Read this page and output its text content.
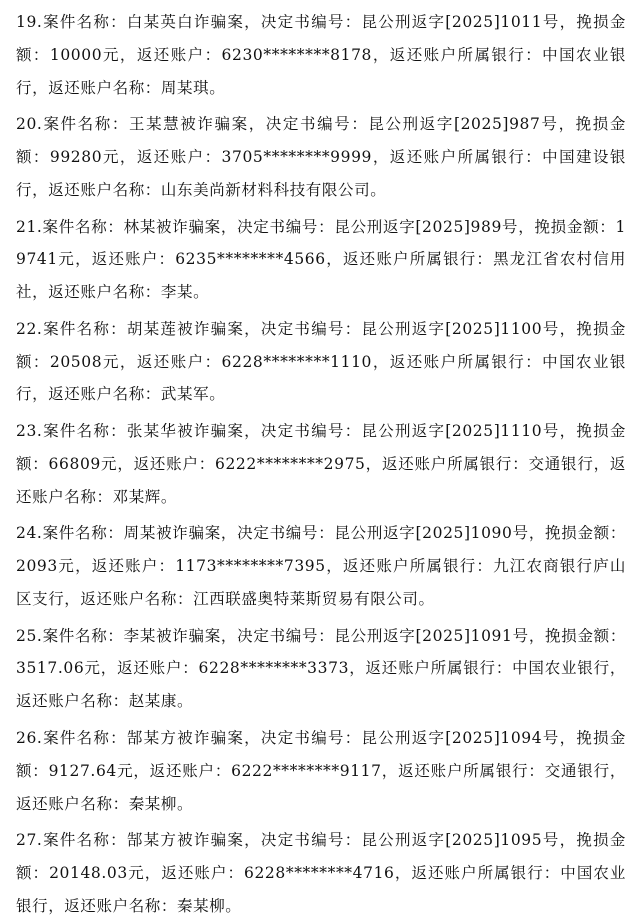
19.案件名称：白某英白诈骗案，决定书编号：昆公刑返字[2025]1011号，挽损金额：10000元，返还账户：6230********8178，返还账户所属银行：中国农业银行，返还账户名称：周某琪。

20.案件名称：王某慧被诈骗案，决定书编号：昆公刑返字[2025]987号，挽损金额：99280元，返还账户：3705********9999，返还账户所属银行：中国建设银行，返还账户名称：山东美尚新材料科技有限公司。

21.案件名称：林某被诈骗案，决定书编号：昆公刑返字[2025]989号，挽损金额：19741元，返还账户：6235********4566，返还账户所属银行：黑龙江省农村信用社，返还账户名称：李某。

22.案件名称：胡某莲被诈骗案，决定书编号：昆公刑返字[2025]1100号，挽损金额：20508元，返还账户：6228********1110，返还账户所属银行：中国农业银行，返还账户名称：武某军。

23.案件名称：张某华被诈骗案，决定书编号：昆公刑返字[2025]1110号，挽损金额：66809元，返还账户：6222********2975，返还账户所属银行：交通银行，返还账户名称：邓某辉。

24.案件名称：周某被诈骗案，决定书编号：昆公刑返字[2025]1090号，挽损金额：2093元，返还账户：1173********7395，返还账户所属银行：九江农商银行庐山区支行，返还账户名称：江西联盛奥特莱斯贸易有限公司。

25.案件名称：李某被诈骗案，决定书编号：昆公刑返字[2025]1091号，挽损金额：3517.06元，返还账户：6228********3373，返还账户所属银行：中国农业银行，返还账户名称：赵某康。

26.案件名称：郜某方被诈骗案，决定书编号：昆公刑返字[2025]1094号，挽损金额：9127.64元，返还账户：6222********9117，返还账户所属银行：交通银行，返还账户名称：秦某柳。

27.案件名称：郜某方被诈骗案，决定书编号：昆公刑返字[2025]1095号，挽损金额：20148.03元，返还账户：6228********4716，返还账户所属银行：中国农业银行，返还账户名称：秦某柳。
